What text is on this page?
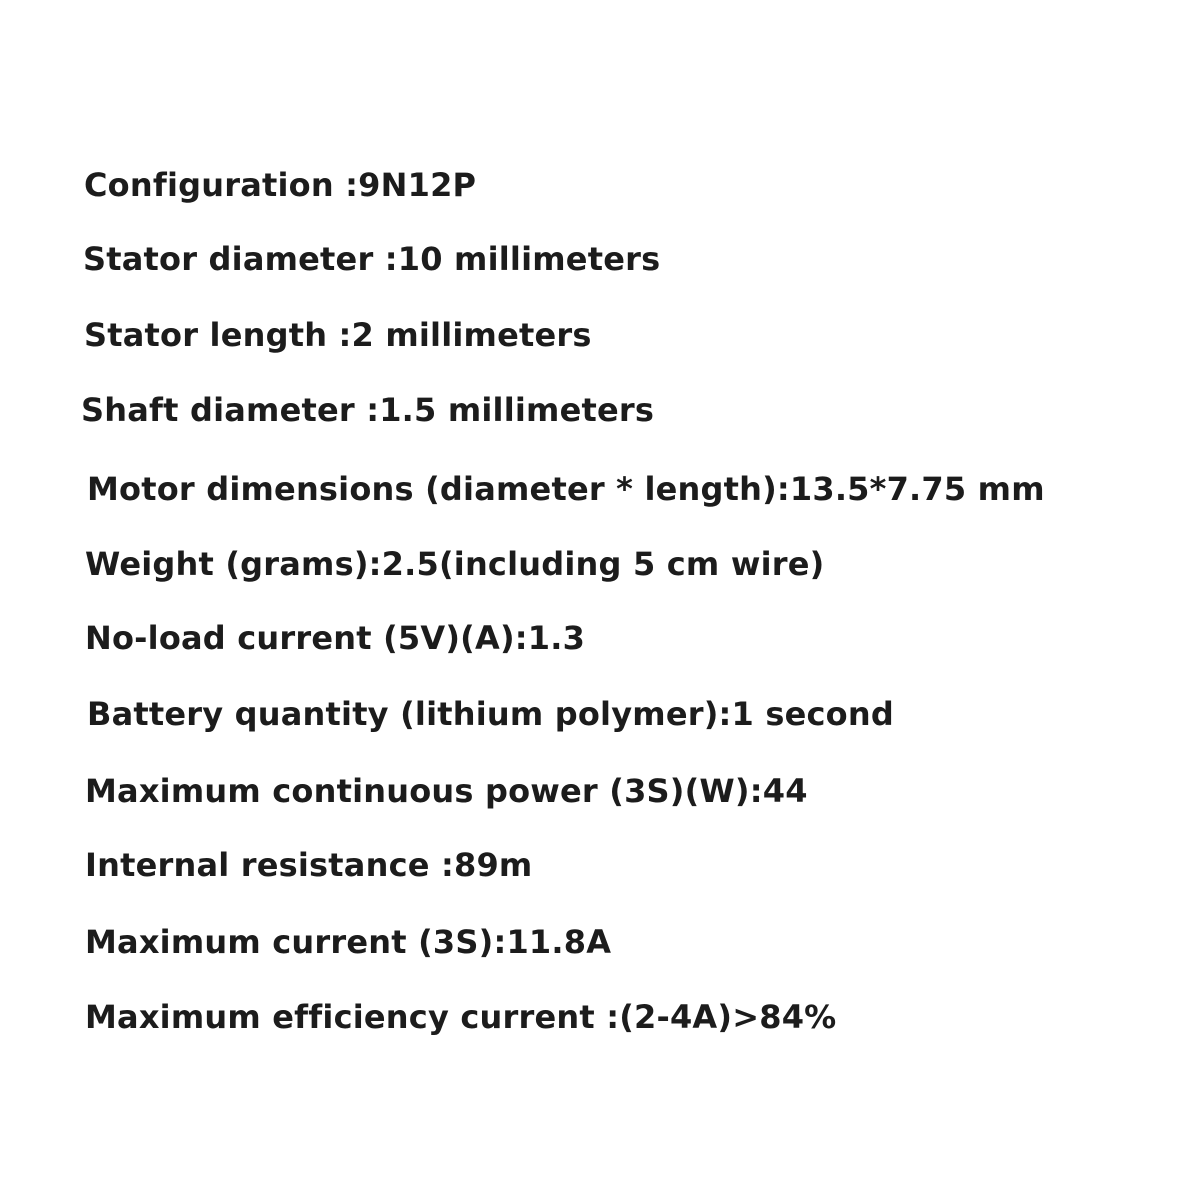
Configuration :9N12P
Stator diameter :10 millimeters
Stator length :2 millimeters
Shaft diameter :1.5 millimeters
Motor dimensions (diameter * length):13.5*7.75 mm
Weight (grams):2.5(including 5 cm wire)
No-load current (5V)(A):1.3
Battery quantity (lithium polymer):1 second
Maximum continuous power (3S)(W):44
Internal resistance :89m
Maximum current (3S):11.8A
Maximum efficiency current :(2-4A)>84%
